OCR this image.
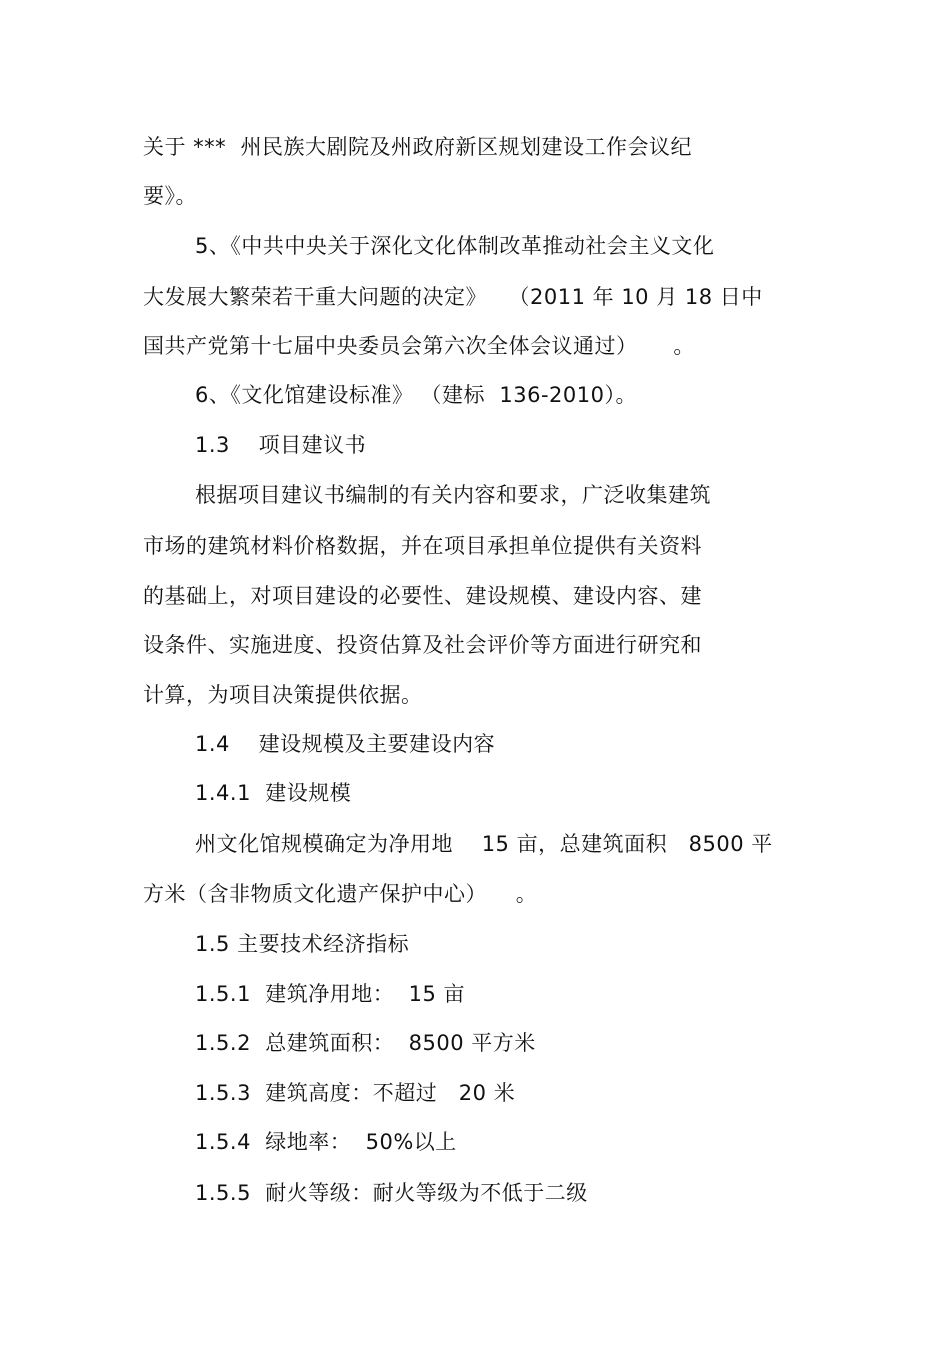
关于 ***  州民族大剧院及州政府新区规划建设工作会议纪
要》。
5、《中共中央关于深化文化体制改革推动社会主义文化
大发展大繁荣若干重大问题的决定》   （2011 年 10 月 18 日中
国共产党第十七届中央委员会第六次全体会议通过）     。
6、《文化馆建设标准》 （建标  136-2010）。
1.3    项目建议书
根据项目建议书编制的有关内容和要求，广泛收集建筑
市场的建筑材料价格数据，并在项目承担单位提供有关资料
的基础上，对项目建设的必要性、建设规模、建设内容、建
设条件、实施进度、投资估算及社会评价等方面进行研究和
计算，为项目决策提供依据。
1.4    建设规模及主要建设内容
1.4.1  建设规模
州文化馆规模确定为净用地    15 亩，总建筑面积   8500 平
方米（含非物质文化遗产保护中心）    。
1.5 主要技术经济指标
1.5.1  建筑净用地：  15 亩
1.5.2  总建筑面积：  8500 平方米
1.5.3  建筑高度：不超过   20 米
1.5.4  绿地率：  50%以上
1.5.5  耐火等级：耐火等级为不低于二级
